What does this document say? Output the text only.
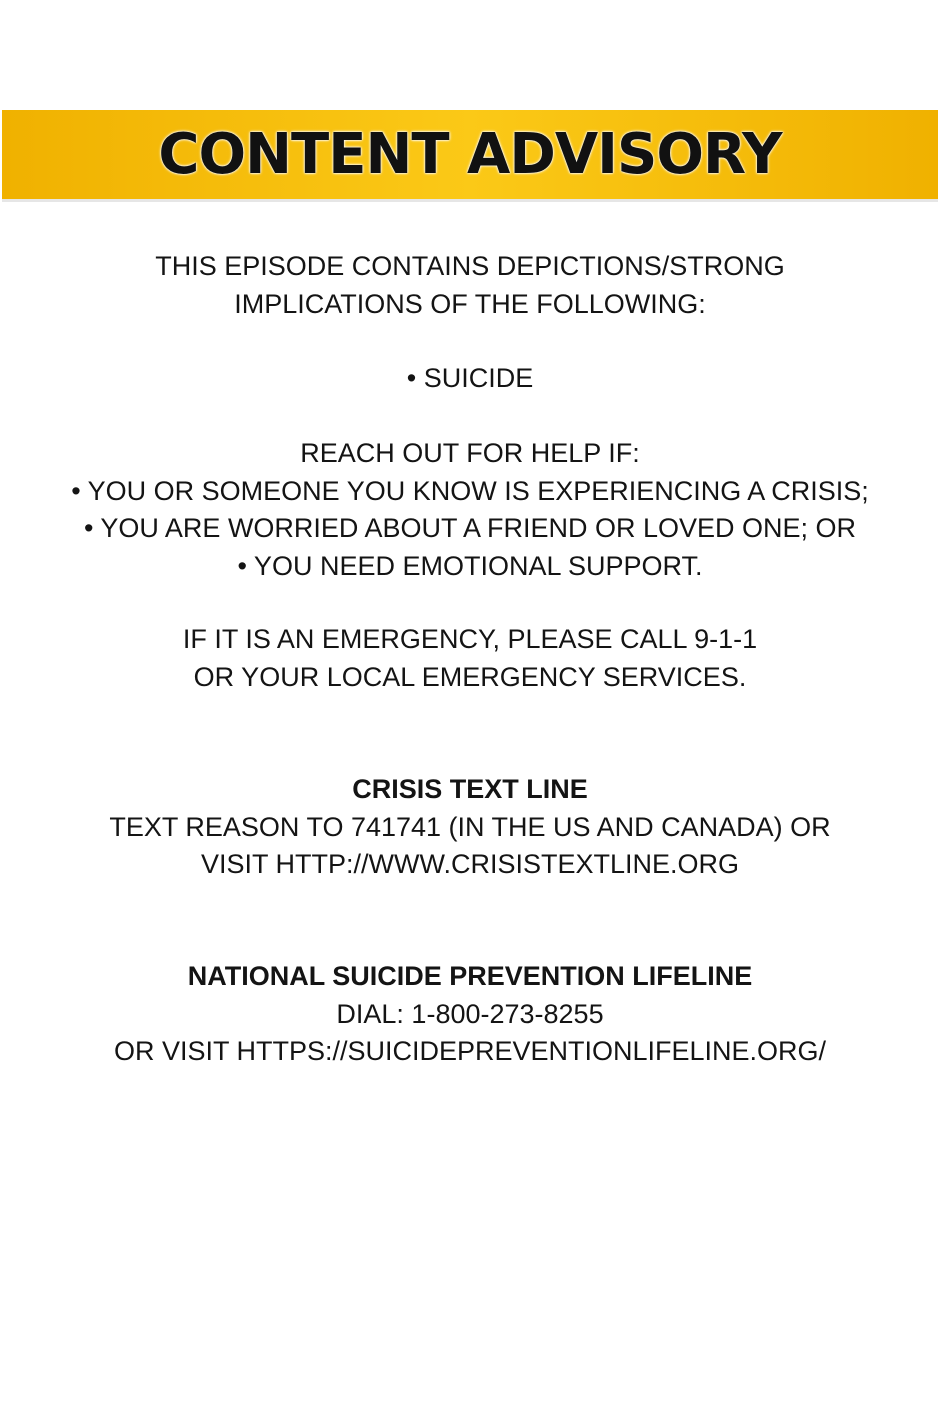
CONTENT ADVISORY
THIS EPISODE CONTAINS DEPICTIONS/STRONG
IMPLICATIONS OF THE FOLLOWING:
• SUICIDE
REACH OUT FOR HELP IF:
• YOU OR SOMEONE YOU KNOW IS EXPERIENCING A CRISIS;
• YOU ARE WORRIED ABOUT A FRIEND OR LOVED ONE; OR
• YOU NEED EMOTIONAL SUPPORT.
IF IT IS AN EMERGENCY, PLEASE CALL 9-1-1
OR YOUR LOCAL EMERGENCY SERVICES.
CRISIS TEXT LINE
TEXT REASON TO 741741 (IN THE US AND CANADA) OR
VISIT HTTP://WWW.CRISISTEXTLINE.ORG
NATIONAL SUICIDE PREVENTION LIFELINE
DIAL: 1-800-273-8255
OR VISIT HTTPS://SUICIDEPREVENTIONLIFELINE.ORG/
